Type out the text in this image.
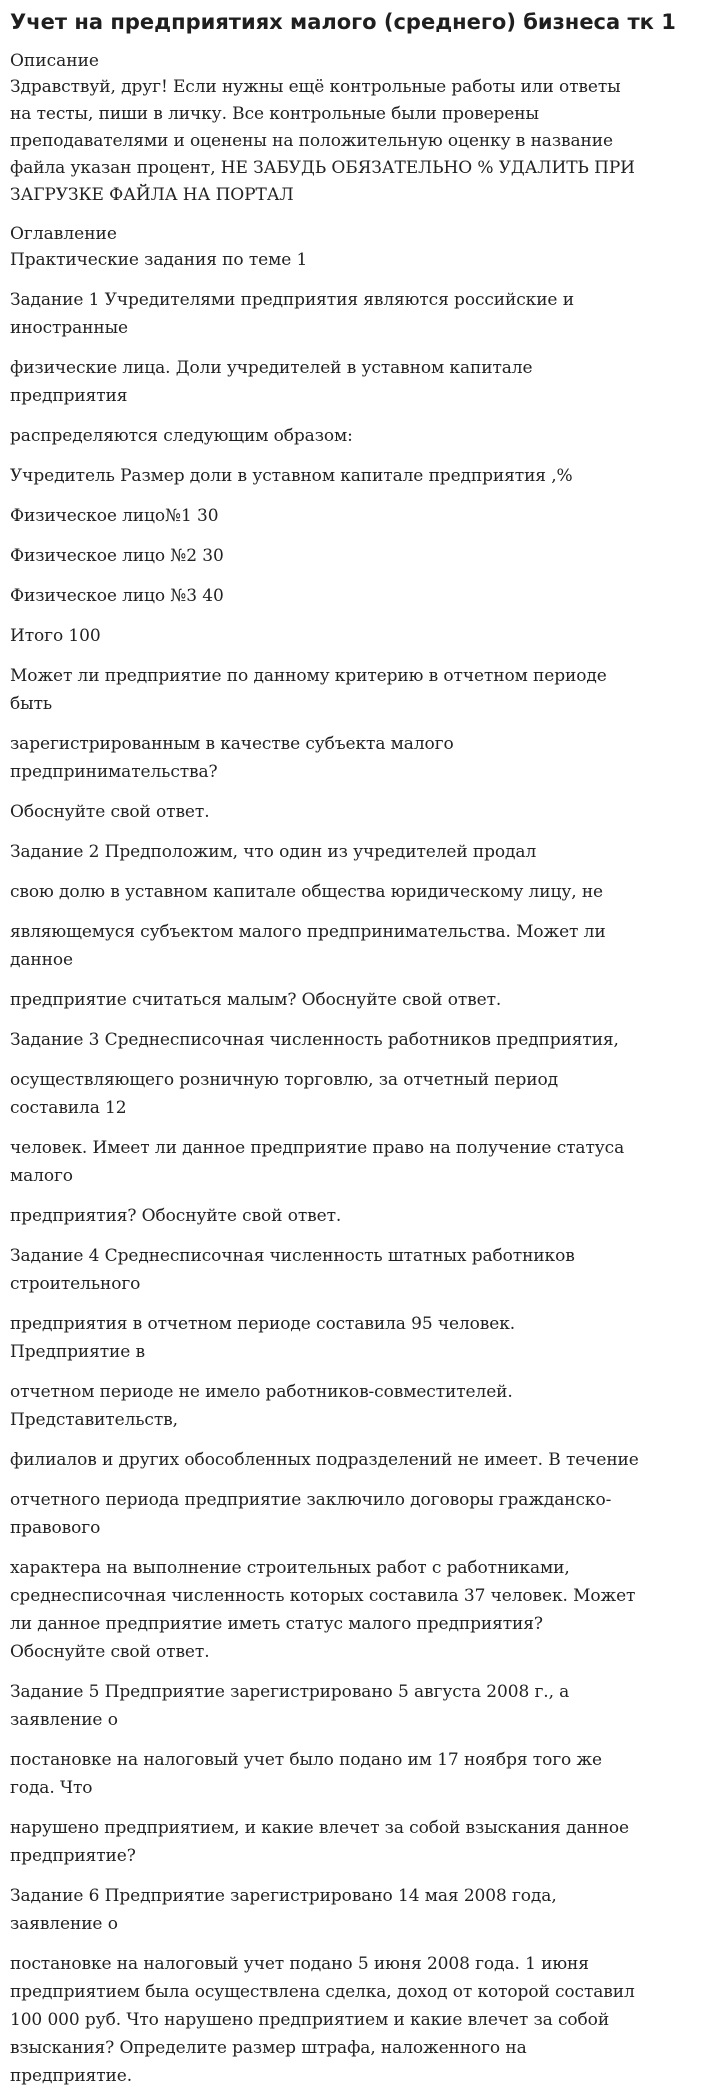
Учет на предприятиях малого (среднего) бизнеса тк 1

Описание

Здравствуй, друг! Если нужны ещё контрольные работы или ответы

на тесты, пиши в личку. Все контрольные были проверены

преподавателями и оценены на положительную оценку в название

файла указан процент, НЕ ЗАБУДЬ ОБЯЗАТЕЛЬНО % УДАЛИТЬ ПРИ

ЗАГРУЗКЕ ФАЙЛА НА ПОРТАЛ

Оглавление

Практические задания по теме 1

Задание 1 Учредителями предприятия являются российские и
иностранные
физические лица. Доли учредителей в уставном капитале
предприятия
распределяются следующим образом:
Учредитель Размер доли в уставном капитале предприятия ,%
Физическое лицо№1 30
Физическое лицо №2 30
Физическое лицо №3 40
Итого 100
Может ли предприятие по данному критерию в отчетном периоде
быть
зарегистрированным в качестве субъекта малого
предпринимательства?
Обоснуйте свой ответ.
Задание 2 Предположим, что один из учредителей продал
свою долю в уставном капитале общества юридическому лицу, не
являющемуся субъектом малого предпринимательства. Может ли
данное
предприятие считаться малым? Обоснуйте свой ответ.
Задание 3 Среднесписочная численность работников предприятия,
осуществляющего розничную торговлю, за отчетный период
составила 12
человек. Имеет ли данное предприятие право на получение статуса
малого
предприятия? Обоснуйте свой ответ.
Задание 4 Среднесписочная численность штатных работников
строительного
предприятия в отчетном периоде составила 95 человек.
Предприятие в
отчетном периоде не имело работников-совместителей.
Представительств,
филиалов и других обособленных подразделений не имеет. В течение
отчетного периода предприятие заключило договоры гражданско-
правового
характера на выполнение строительных работ с работниками,
среднесписочная численность которых составила 37 человек. Может
ли данное предприятие иметь статус малого предприятия?
Обоснуйте свой ответ.
Задание 5 Предприятие зарегистрировано 5 августа 2008 г., а
заявление о
постановке на налоговый учет было подано им 17 ноября того же
года. Что
нарушено предприятием, и какие влечет за собой взыскания данное
предприятие?
Задание 6 Предприятие зарегистрировано 14 мая 2008 года,
заявление о
постановке на налоговый учет подано 5 июня 2008 года. 1 июня
предприятием была осуществлена сделка, доход от которой составил
100 000 руб. Что нарушено предприятием и какие влечет за собой
взыскания? Определите размер штрафа, наложенного на
предприятие.
